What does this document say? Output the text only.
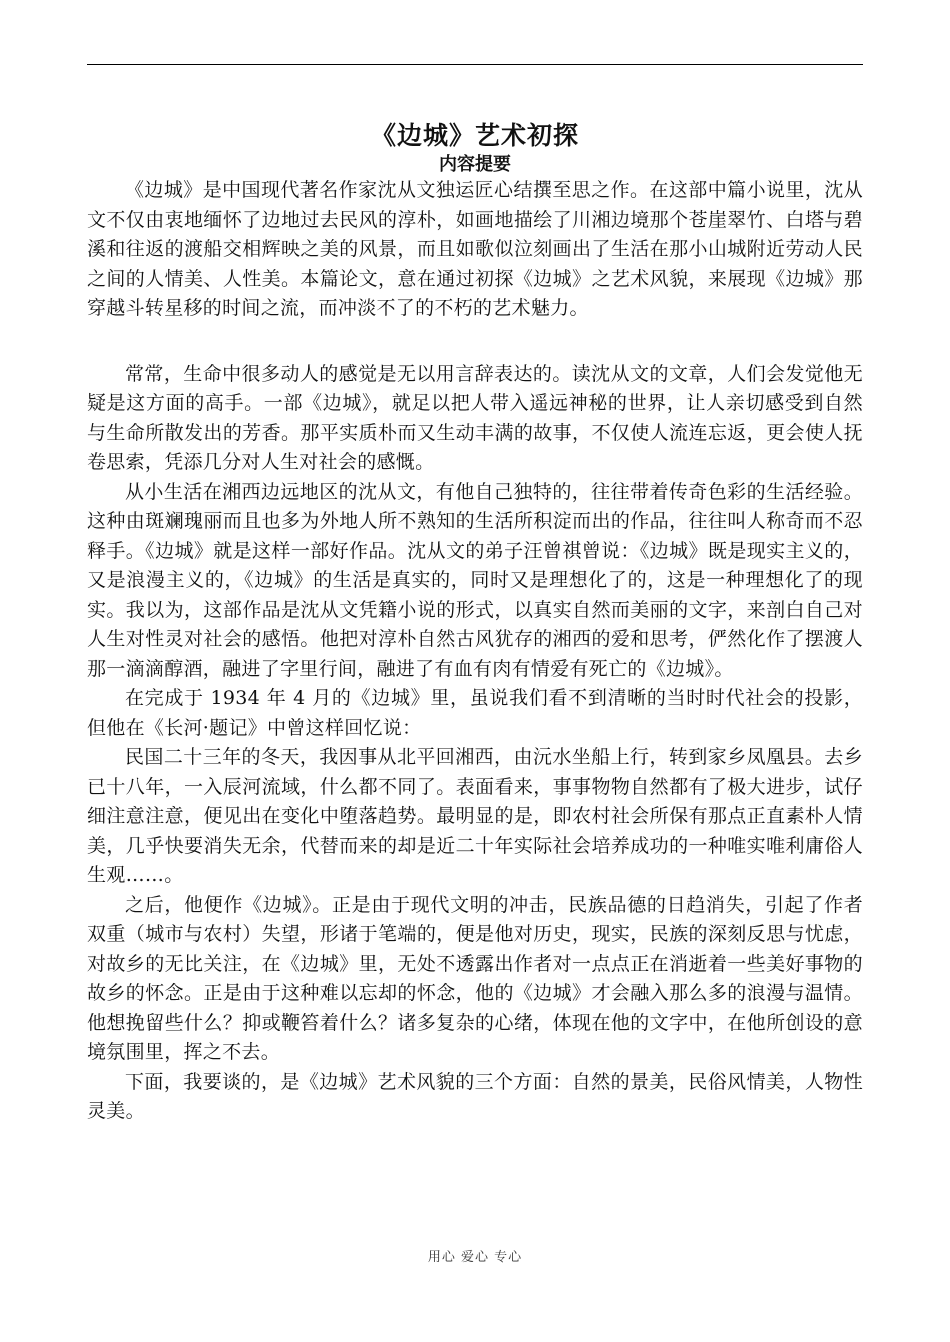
《边城》艺术初探
内容提要

《边城》是中国现代著名作家沈从文独运匠心结撰至思之作。在这部中篇小说里，沈从文不仅由衷地缅怀了边地过去民风的淳朴，如画地描绘了川湘边境那个苍崖翠竹、白塔与碧溪和往返的渡船交相辉映之美的风景，而且如歌似泣刻画出了生活在那小山城附近劳动人民之间的人情美、人性美。本篇论文，意在通过初探《边城》之艺术风貌，来展现《边城》那穿越斗转星移的时间之流，而冲淡不了的不朽的艺术魅力。

常常，生命中很多动人的感觉是无以用言辞表达的。读沈从文的文章，人们会发觉他无疑是这方面的高手。一部《边城》，就足以把人带入遥远神秘的世界，让人亲切感受到自然与生命所散发出的芳香。那平实质朴而又生动丰满的故事，不仅使人流连忘返，更会使人抚卷思索，凭添几分对人生对社会的感慨。

从小生活在湘西边远地区的沈从文，有他自己独特的，往往带着传奇色彩的生活经验。这种由斑斓瑰丽而且也多为外地人所不熟知的生活所积淀而出的作品，往往叫人称奇而不忍释手。《边城》就是这样一部好作品。沈从文的弟子汪曾祺曾说：《边城》既是现实主义的，又是浪漫主义的，《边城》的生活是真实的，同时又是理想化了的，这是一种理想化了的现实。我以为，这部作品是沈从文凭籍小说的形式，以真实自然而美丽的文字，来剖白自己对人生对性灵对社会的感悟。他把对淳朴自然古风犹存的湘西的爱和思考，俨然化作了摆渡人那一滴滴醇酒，融进了字里行间，融进了有血有肉有情爱有死亡的《边城》。

在完成于 1934 年 4 月的《边城》里，虽说我们看不到清晰的当时时代社会的投影，但他在《长河·题记》中曾这样回忆说：

民国二十三年的冬天，我因事从北平回湘西，由沅水坐船上行，转到家乡凤凰县。去乡已十八年，一入辰河流域，什么都不同了。表面看来，事事物物自然都有了极大进步，试仔细注意注意，便见出在变化中堕落趋势。最明显的是，即农村社会所保有那点正直素朴人情美，几乎快要消失无余，代替而来的却是近二十年实际社会培养成功的一种唯实唯利庸俗人生观……。

之后，他便作《边城》。正是由于现代文明的冲击，民族品德的日趋消失，引起了作者双重（城市与农村）失望，形诸于笔端的，便是他对历史，现实，民族的深刻反思与忧虑，对故乡的无比关注，在《边城》里，无处不透露出作者对一点点正在消逝着一些美好事物的故乡的怀念。正是由于这种难以忘却的怀念，他的《边城》才会融入那么多的浪漫与温情。他想挽留些什么？抑或鞭笞着什么？诸多复杂的心绪，体现在他的文字中，在他所创设的意境氛围里，挥之不去。

下面，我要谈的，是《边城》艺术风貌的三个方面：自然的景美，民俗风情美，人物性灵美。

用心 爱心 专心
